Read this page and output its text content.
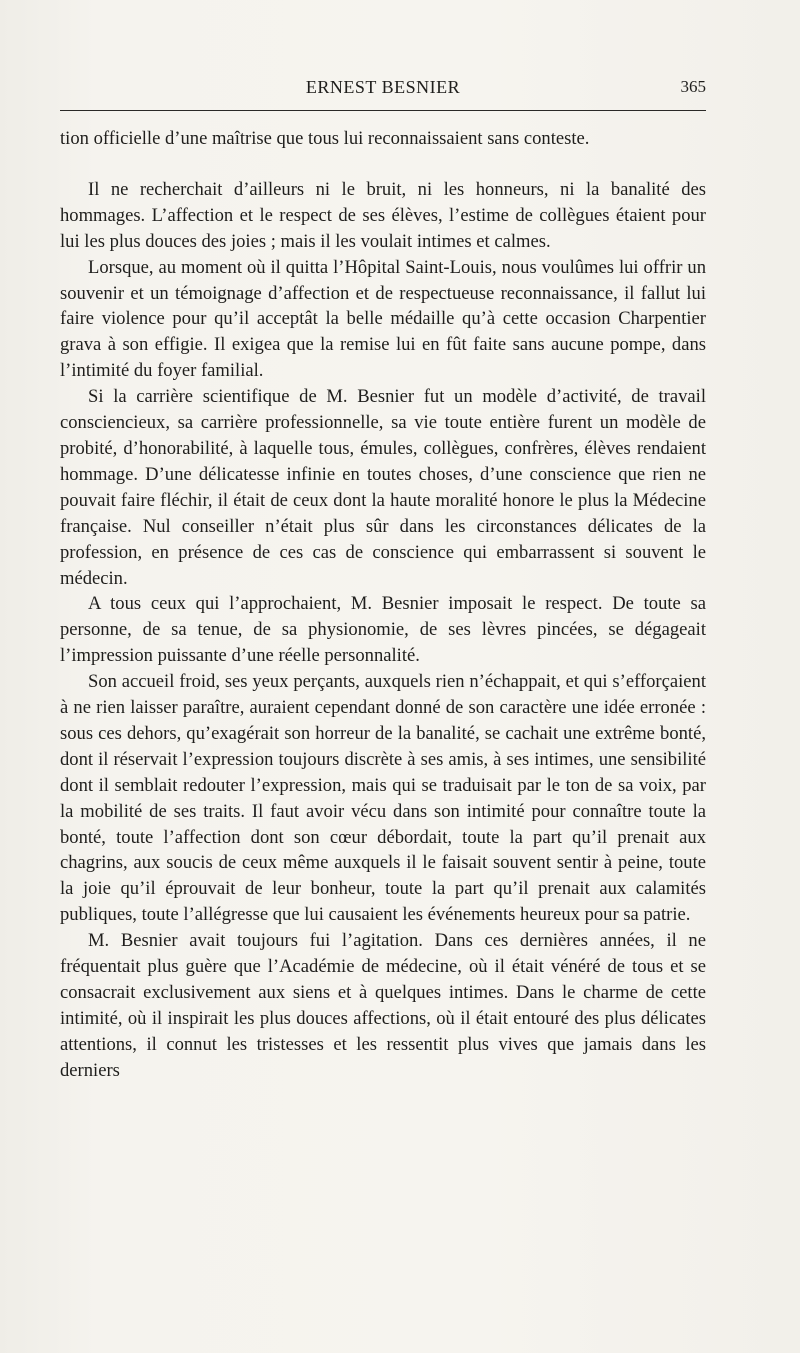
ERNEST BESNIER	365

tion officielle d’une maîtrise que tous lui reconnaissaient sans conteste.

Il ne recherchait d’ailleurs ni le bruit, ni les honneurs, ni la banalité des hommages. L’affection et le respect de ses élèves, l’estime de collègues étaient pour lui les plus douces des joies ; mais il les voulait intimes et calmes.

Lorsque, au moment où il quitta l’Hôpital Saint-Louis, nous voulûmes lui offrir un souvenir et un témoignage d’affection et de respectueuse reconnaissance, il fallut lui faire violence pour qu’il acceptât la belle médaille qu’à cette occasion Charpentier grava à son effigie. Il exigea que la remise lui en fût faite sans aucune pompe, dans l’intimité du foyer familial.

Si la carrière scientifique de M. Besnier fut un modèle d’activité, de travail consciencieux, sa carrière professionnelle, sa vie toute entière furent un modèle de probité, d’honorabilité, à laquelle tous, émules, collègues, confrères, élèves rendaient hommage. D’une délicatesse infinie en toutes choses, d’une conscience que rien ne pouvait faire fléchir, il était de ceux dont la haute moralité honore le plus la Médecine française. Nul conseiller n’était plus sûr dans les circonstances délicates de la profession, en présence de ces cas de conscience qui embarrassent si souvent le médecin.

A tous ceux qui l’approchaient, M. Besnier imposait le respect. De toute sa personne, de sa tenue, de sa physionomie, de ses lèvres pincées, se dégageait l’impression puissante d’une réelle personnalité.

Son accueil froid, ses yeux perçants, auxquels rien n’échappait, et qui s’efforçaient à ne rien laisser paraître, auraient cependant donné de son caractère une idée erronée : sous ces dehors, qu’exagérait son horreur de la banalité, se cachait une extrême bonté, dont il réservait l’expression toujours discrète à ses amis, à ses intimes, une sensibilité dont il semblait redouter l’expression, mais qui se traduisait par le ton de sa voix, par la mobilité de ses traits. Il faut avoir vécu dans son intimité pour connaître toute la bonté, toute l’affection dont son cœur débordait, toute la part qu’il prenait aux chagrins, aux soucis de ceux même auxquels il le faisait souvent sentir à peine, toute la joie qu’il éprouvait de leur bonheur, toute la part qu’il prenait aux calamités publiques, toute l’allégresse que lui causaient les événements heureux pour sa patrie.

M. Besnier avait toujours fui l’agitation. Dans ces dernières années, il ne fréquentait plus guère que l’Académie de médecine, où il était vénéré de tous et se consacrait exclusivement aux siens et à quelques intimes. Dans le charme de cette intimité, où il inspirait les plus douces affections, où il était entouré des plus délicates attentions, il connut les tristesses et les ressentit plus vives que jamais dans les derniers
